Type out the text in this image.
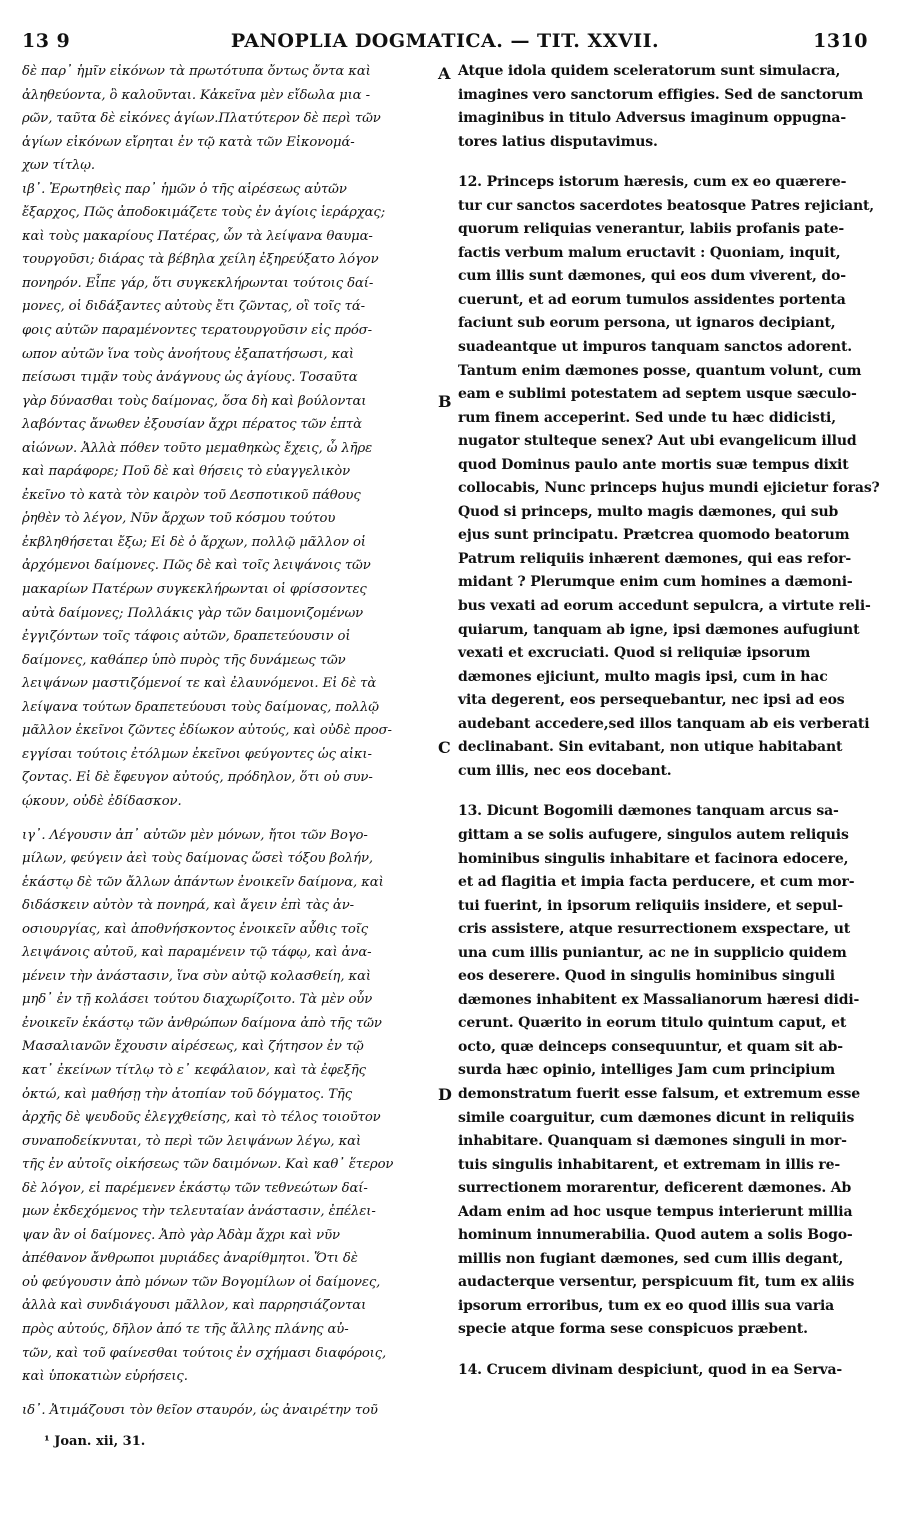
13 9	PANOPLIA DOGMATICA. — TIT. XXVII.	1310
δὲ παρ᾽ ἡμῖν εἰκόνων τὰ πρωτότυπα ὄντως ὄντα καὶ
ἀληθεύοντα, ὃ καλοῦνται. Κἀκεῖνα μὲν εἴδωλα μια -
ρῶν, ταῦτα δὲ εἰκόνες ἁγίων.Πλατύτερον δὲ περὶ τῶν
ἁγίων εἰκόνων εἴρηται ἐν τῷ κατὰ τῶν Εἰκονομά-
χων τίτλῳ.
ιβ᾽. Ἐρωτηθεὶς παρ᾽ ἡμῶν ὁ τῆς αἱρέσεως αὐτῶν
ἔξαρχος, Πῶς ἀποδοκιμάζετε τοὺς ἐν ἁγίοις ἱεράρχας;
καὶ τοὺς μακαρίους Πατέρας, ὧν τὰ λείψανα θαυμα-
τουργοῦσι; διάρας τὰ βέβηλα χείλη ἐξηρεύξατο λόγον
πονηρόν. Εἶπε γάρ, ὅτι συγκεκλήρωνται τούτοις δαί-
μονες, οἱ διδάξαντες αὐτοὺς ἔτι ζῶντας, οἳ τοῖς τά-
φοις αὐτῶν παραμένοντες τερατουργοῦσιν εἰς πρόσ-
ωπον αὐτῶν ἵνα τοὺς ἀνοήτους ἐξαπατήσωσι, καὶ
πείσωσι τιμᾷν τοὺς ἀνάγνους ὡς ἁγίους. Τοσαῦτα
γὰρ δύνασθαι τοὺς δαίμονας, ὅσα δὴ καὶ βούλονται
λαβόντας ἄνωθεν ἐξουσίαν ἄχρι πέρατος τῶν ἑπτὰ
αἰώνων. Ἀλλὰ πόθεν τοῦτο μεμαθηκὼς ἔχεις, ὦ λῆρε
καὶ παράφορε; Ποῦ δὲ καὶ θήσεις τὸ εὐαγγελικὸν
ἐκεῖνο τὸ κατὰ τὸν καιρὸν τοῦ Δεσποτικοῦ πάθους
ῥηθὲν τὸ λέγον, Νῦν ἄρχων τοῦ κόσμου τούτου
ἐκβληθήσεται ἔξω; Εἰ δὲ ὁ ἄρχων, πολλῷ μᾶλλον οἱ
ἀρχόμενοι δαίμονες. Πῶς δὲ καὶ τοῖς λειψάνοις τῶν
μακαρίων Πατέρων συγκεκλήρωνται οἱ φρίσσοντες
αὐτὰ δαίμονες; Πολλάκις γὰρ τῶν δαιμονιζομένων
ἐγγιζόντων τοῖς τάφοις αὐτῶν, δραπετεύουσιν οἱ
δαίμονες, καθάπερ ὑπὸ πυρὸς τῆς δυνάμεως τῶν
λειψάνων μαστιζόμενοί τε καὶ ἐλαυνόμενοι. Εἰ δὲ τὰ
λείψανα τούτων δραπετεύουσι τοὺς δαίμονας, πολλῷ
μᾶλλον ἐκεῖνοι ζῶντες ἐδίωκον αὐτούς, καὶ οὐδὲ προσ-
εγγίσαι τούτοις ἐτόλμων ἐκεῖνοι φεύγοντες ὡς αἰκι-
ζοντας. Εἰ δὲ ἔφευγον αὐτούς, πρόδηλον, ὅτι οὐ συν-
ῴκουν, οὐδὲ ἐδίδασκον.
ιγ᾽. Λέγουσιν ἀπ᾽ αὐτῶν μὲν μόνων, ἤτοι τῶν Βογο-
μίλων, φεύγειν ἀεὶ τοὺς δαίμονας ὥσεὶ τόξου βολήν,
ἑκάστῳ δὲ τῶν ἄλλων ἁπάντων ἐνοικεῖν δαίμονα, καὶ
διδάσκειν αὐτὸν τὰ πονηρά, καὶ ἄγειν ἐπὶ τὰς ἀν-
οσιουργίας, καὶ ἀποθνήσκοντος ἐνοικεῖν αὖθις τοῖς
λειψάνοις αὐτοῦ, καὶ παραμένειν τῷ τάφῳ, καὶ ἀνα-
μένειν τὴν ἀνάστασιν, ἵνα σὺν αὐτῷ κολασθείη, καὶ
μηδ᾽ ἐν τῇ κολάσει τούτου διαχωρίζοιτο. Τὰ μὲν οὖν
ἐνοικεῖν ἑκάστῳ τῶν ἀνθρώπων δαίμονα ἀπὸ τῆς τῶν
Μασαλιανῶν ἔχουσιν αἱρέσεως, καὶ ζήτησον ἐν τῷ
κατ᾽ ἐκείνων τίτλῳ τὸ ε᾽ κεφάλαιον, καὶ τὰ ἐφεξῆς
ὀκτώ, καὶ μαθήσῃ τὴν ἀτοπίαν τοῦ δόγματος. Τῆς
ἀρχῆς δὲ ψευδοῦς ἐλεγχθείσης, καὶ τὸ τέλος τοιοῦτον
συναποδείκνυται, τὸ περὶ τῶν λειψάνων λέγω, καὶ
τῆς ἐν αὐτοῖς οἰκήσεως τῶν δαιμόνων. Καὶ καθ᾽ ἕτερον
δὲ λόγον, εἰ παρέμενεν ἑκάστῳ τῶν τεθνεώτων δαί-
μων ἐκδεχόμενος τὴν τελευταίαν ἀνάστασιν, ἐπέλει-
ψαν ἂν οἱ δαίμονες. Ἀπὸ γὰρ Ἀδὰμ ἄχρι καὶ νῦν
ἀπέθανον ἄνθρωποι μυριάδες ἀναρίθμητοι. Ὅτι δὲ
οὐ φεύγουσιν ἀπὸ μόνων τῶν Βογομίλων οἱ δαίμονες,
ἀλλὰ καὶ συνδιάγουσι μᾶλλον, καὶ παρρησιάζονται
πρὸς αὐτούς, δῆλον ἀπό τε τῆς ἄλλης πλάνης αὐ-
τῶν, καὶ τοῦ φαίνεσθαι τούτοις ἐν σχήμασι διαφόροις,
καὶ ὑποκατιὼν εὑρήσεις.
ιδ᾽. Ἀτιμάζουσι τὸν θεῖον σταυρόν, ὡς ἀναιρέτην τοῦ
Atque idola quidem sceleratorum sunt simulacra,
imagines vero sanctorum effigies. Sed de sanctorum
imaginibus in titulo Adversus imaginum oppugna-
tores latius disputavimus.
12. Princeps istorum hæresis, cum ex eo quærere-
tur cur sanctos sacerdotes beatosque Patres rejiciant,
quorum reliquias venerantur, labiis profanis pate-
factis verbum malum eructavit : Quoniam, inquit,
cum illis sunt dæmones, qui eos dum viverent, do-
cuerunt, et ad eorum tumulos assidentes portenta
faciunt sub eorum persona, ut ignaros decipiant,
suadeantque ut impuros tanquam sanctos adorent.
Tantum enim dæmones posse, quantum volunt, cum
eam e sublimi potestatem ad septem usque sæculo-
rum finem acceperint. Sed unde tu hæc didicisti,
nugator stulteque senex? Aut ubi evangelicum illud
quod Dominus paulo ante mortis suæ tempus dixit
collocabis, Nunc princeps hujus mundi ejicietur foras?
Quod si princeps, multo magis dæmones, qui sub
ejus sunt principatu. Prætcrea quomodo beatorum
Patrum reliquiis inhærent dæmones, qui eas refor-
midant ? Plerumque enim cum homines a dæmoni-
bus vexati ad eorum accedunt sepulcra, a virtute reli-
quiarum, tanquam ab igne, ipsi dæmones aufugiunt
vexati et excruciati. Quod si reliquiæ ipsorum
dæmones ejiciunt, multo magis ipsi, cum in hac
vita degerent, eos persequebantur, nec ipsi ad eos
audebant accedere,sed illos tanquam ab eis verberati
declinabant. Sin evitabant, non utique habitabant
cum illis, nec eos docebant.
13. Dicunt Bogomili dæmones tanquam arcus sa-
gittam a se solis aufugere, singulos autem reliquis
hominibus singulis inhabitare et facinora edocere,
et ad flagitia et impia facta perducere, et cum mor-
tui fuerint, in ipsorum reliquiis insidere, et sepul-
cris assistere, atque resurrectionem exspectare, ut
una cum illis puniantur, ac ne in supplicio quidem
eos deserere. Quod in singulis hominibus singuli
dæmones inhabitent ex Massalianorum hæresi didi-
cerunt. Quærito in eorum titulo quintum caput, et
octo, quæ deinceps consequuntur, et quam sit ab-
surda hæc opinio, intelliges Jam cum principium
demonstratum fuerit esse falsum, et extremum esse
simile coarguitur, cum dæmones dicunt in reliquiis
inhabitare. Quanquam si dæmones singuli in mor-
tuis singulis inhabitarent, et extremam in illis re-
surrectionem morarentur, deficerent dæmones. Ab
Adam enim ad hoc usque tempus interierunt millia
hominum innumerabilia. Quod autem a solis Bogo-
millis non fugiant dæmones, sed cum illis degant,
audacterque versentur, perspicuum fit, tum ex aliis
ipsorum erroribus, tum ex eo quod illis sua varia
specie atque forma sese conspicuos præbent.
14. Crucem divinam despiciunt, quod in ea Serva-
A
B
C
D
¹ Joan. xii, 31.
